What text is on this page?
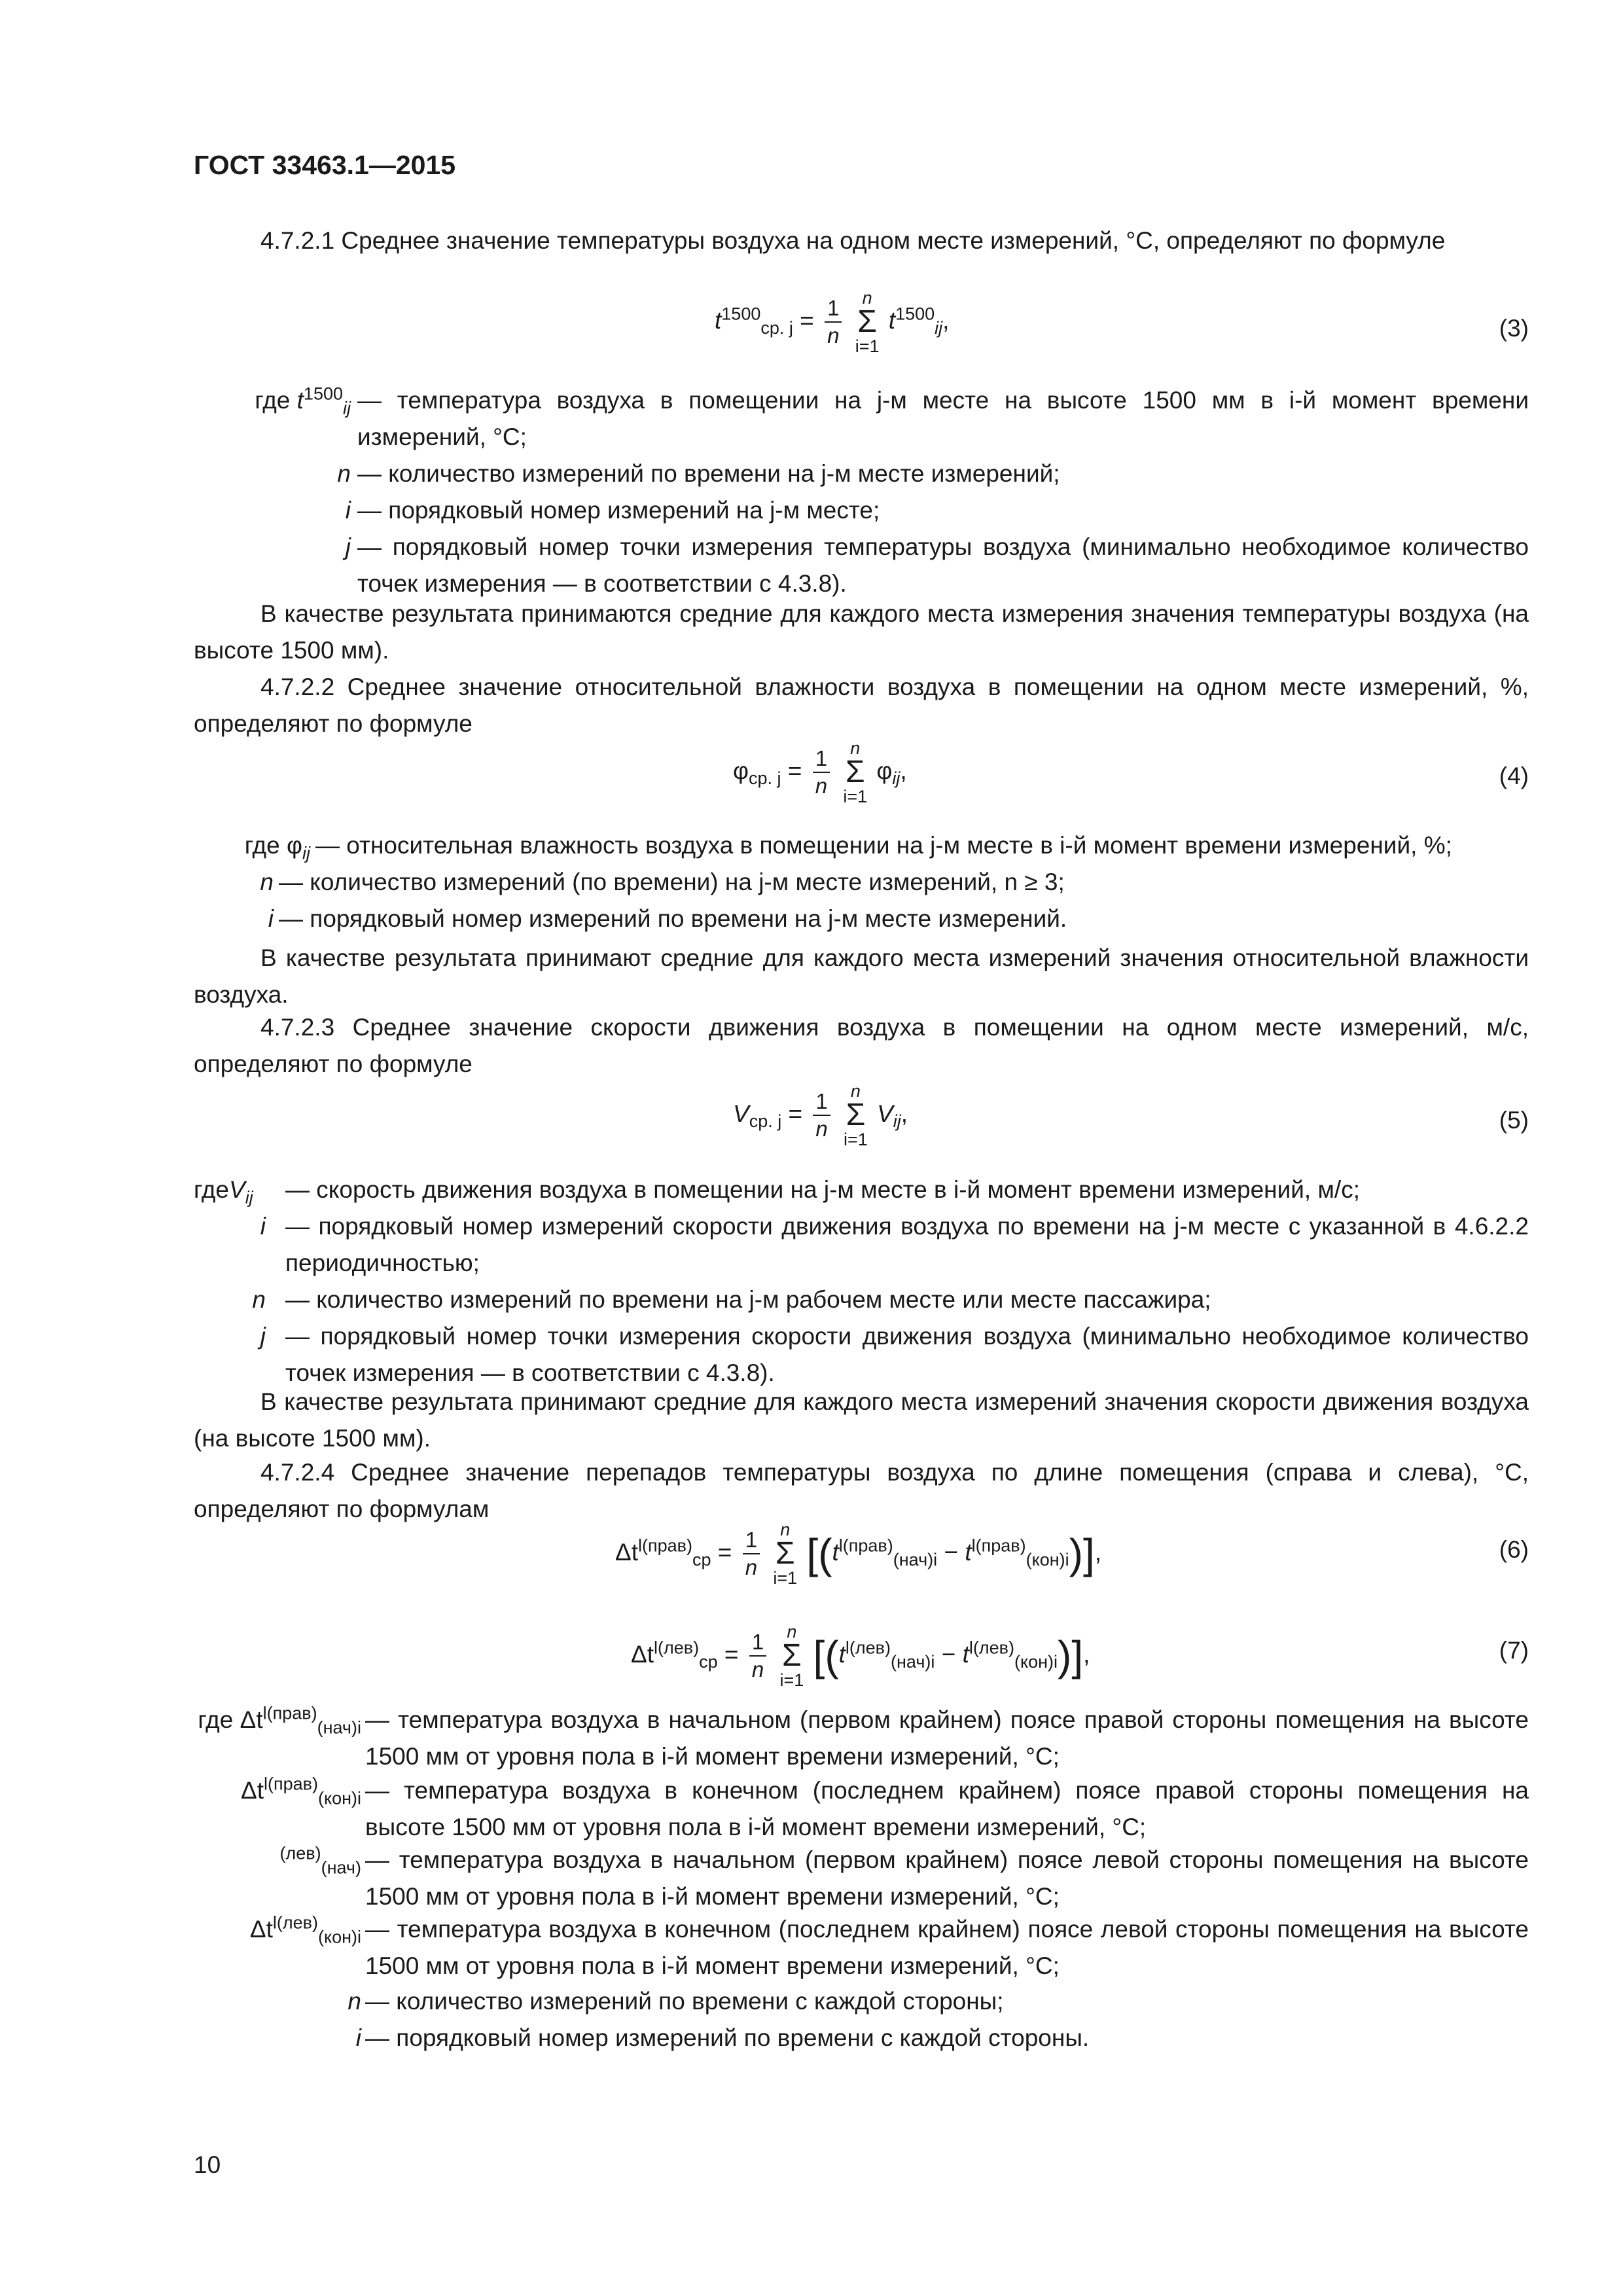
ГОСТ 33463.1—2015
4.7.2.1 Среднее значение температуры воздуха на одном месте измерений, °С, определяют по формуле
$t^{1500}_{ср. j} = \frac{1}{n}$
n
Σ
i=1
$t^{1500}_{ij}$,	(3)
где $t^{1500}_{ij}$ — температура воздуха в помещении на j-м месте на высоте 1500 мм в i-й момент времени измерений, °С;
n — количество измерений по времени на j-м месте измерений;
i — порядковый номер измерений на j-м месте;
j — порядковый номер точки измерения температуры воздуха (минимально необходимое количество точек измерения — в соответствии с 4.3.8).
В качестве результата принимаются средние для каждого места измерения значения температуры воздуха (на высоте 1500 мм).
4.7.2.2 Среднее значение относительной влажности воздуха в помещении на одном месте измерений, %, определяют по формуле
$\varphi_{ср. j} = \frac{1}{n}$
n
Σ
i=1
$\varphi_{ij}$,	(4)
где $\varphi_{ij}$ — относительная влажность воздуха в помещении на j-м месте в i-й момент времени измерений, %;
n — количество измерений (по времени) на j-м месте измерений, n ≥ 3;
i — порядковый номер измерений по времени на j-м месте измерений.
В качестве результата принимают средние для каждого места измерений значения относительной влажности воздуха.
4.7.2.3 Среднее значение скорости движения воздуха в помещении на одном месте измерений, м/с, определяют по формуле
$V_{ср. j} = \frac{1}{n}$
n
Σ
i=1
$V_{ij}$,	(5)
гдеV$_{ij}$	— скорость движения воздуха в помещении на j-м месте в i-й момент времени измерений, м/с;
i — порядковый номер измерений скорости движения воздуха по времени на j-м месте с указанной в 4.6.2.2 периодичностью;
n — количество измерений по времени на j-м рабочем месте или месте пассажира;
j — порядковый номер точки измерения скорости движения воздуха (минимально необходимое количество точек измерения — в соответствии с 4.3.8).
В качестве результата принимают средние для каждого места измерений значения скорости движения воздуха (на высоте 1500 мм).
4.7.2.4 Среднее значение перепадов температуры воздуха по длине помещения (справа и слева), °С, определяют по формулам
$\Delta t^{l(прав)}_{ср} = \frac{1}{n}$
n
Σ
i=1
$[(t^{l(прав)}_{(нач)i} - t^{l(прав)}_{(кон)i})]$,	(6)
$\Delta t^{l(лев)}_{ср} = \frac{1}{n}$
n
Σ
i=1
$[(t^{l(лев)}_{(нач)i} - t^{l(лев)}_{(кон)i})]$,	(7)
где $\Delta t^{l(прав)}_{(нач)i}$ — температура воздуха в начальном (первом крайнем) поясе правой стороны помещения на высоте 1500 мм от уровня пола в i-й момент времени измерений, °С;
$\Delta t^{l(прав)}_{(кон)i}$ — температура воздуха в конечном (последнем крайнем) поясе правой стороны помещения на высоте 1500 мм от уровня пола в i-й момент времени измерений, °С;
$^{(лев)}_{(нач)}$ — температура воздуха в начальном (первом крайнем) поясе левой стороны помещения на высоте 1500 мм от уровня пола в i-й момент времени измерений, °С;
$\Delta t^{l(лев)}_{(кон)i}$ — температура воздуха в конечном (последнем крайнем) поясе левой стороны помещения на высоте 1500 мм от уровня пола в i-й момент времени измерений, °С;
n — количество измерений по времени с каждой стороны;
i — порядковый номер измерений по времени с каждой стороны.
10
